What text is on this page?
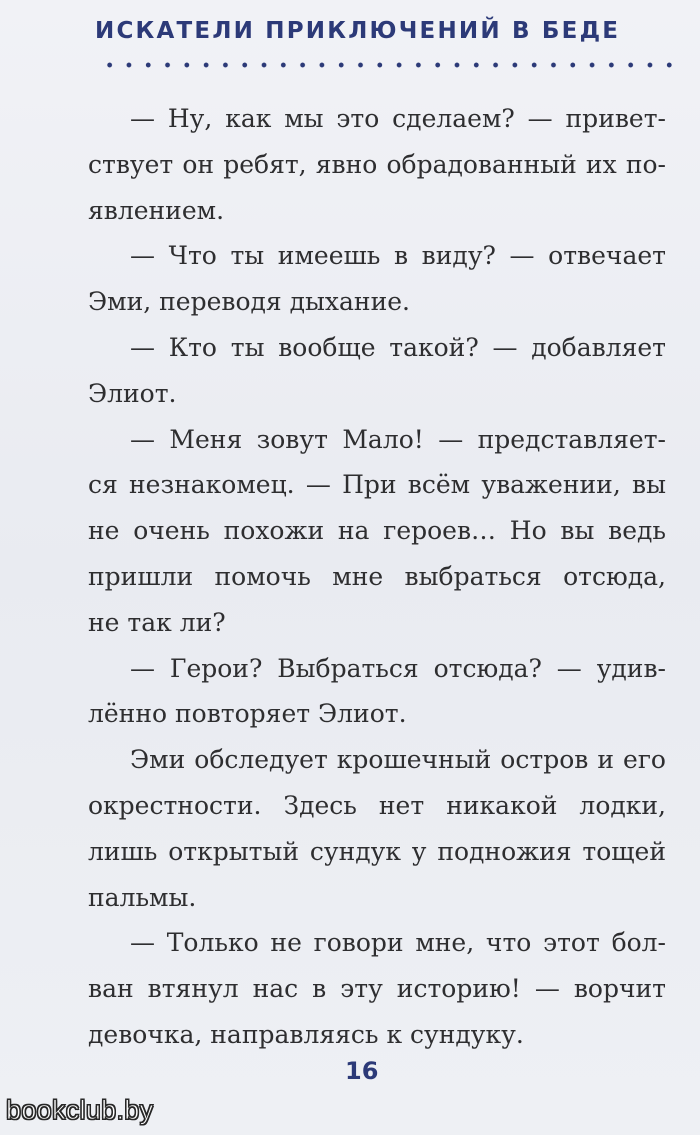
ИСКАТЕЛИ ПРИКЛЮЧЕНИЙ В БЕДЕ

— Ну, как мы это сделаем? — привет-
ствует он ребят, явно обрадованный их по-
явлением.

— Что ты имеешь в виду? — отвечает
Эми, переводя дыхание.

— Кто ты вообще такой? — добавляет
Элиот.

— Меня зовут Мало! — представляет-
ся незнакомец. — При всём уважении, вы
не очень похожи на героев… Но вы ведь
пришли помочь мне выбраться отсюда,
не так ли?

— Герои? Выбраться отсюда? — удив-
лённо повторяет Элиот.

Эми обследует крошечный остров и его
окрестности. Здесь нет никакой лодки,
лишь открытый сундук у подножия тощей
пальмы.

— Только не говори мне, что этот бол-
ван втянул нас в эту историю! — ворчит
девочка, направляясь к сундуку.

16
bookclub.by
